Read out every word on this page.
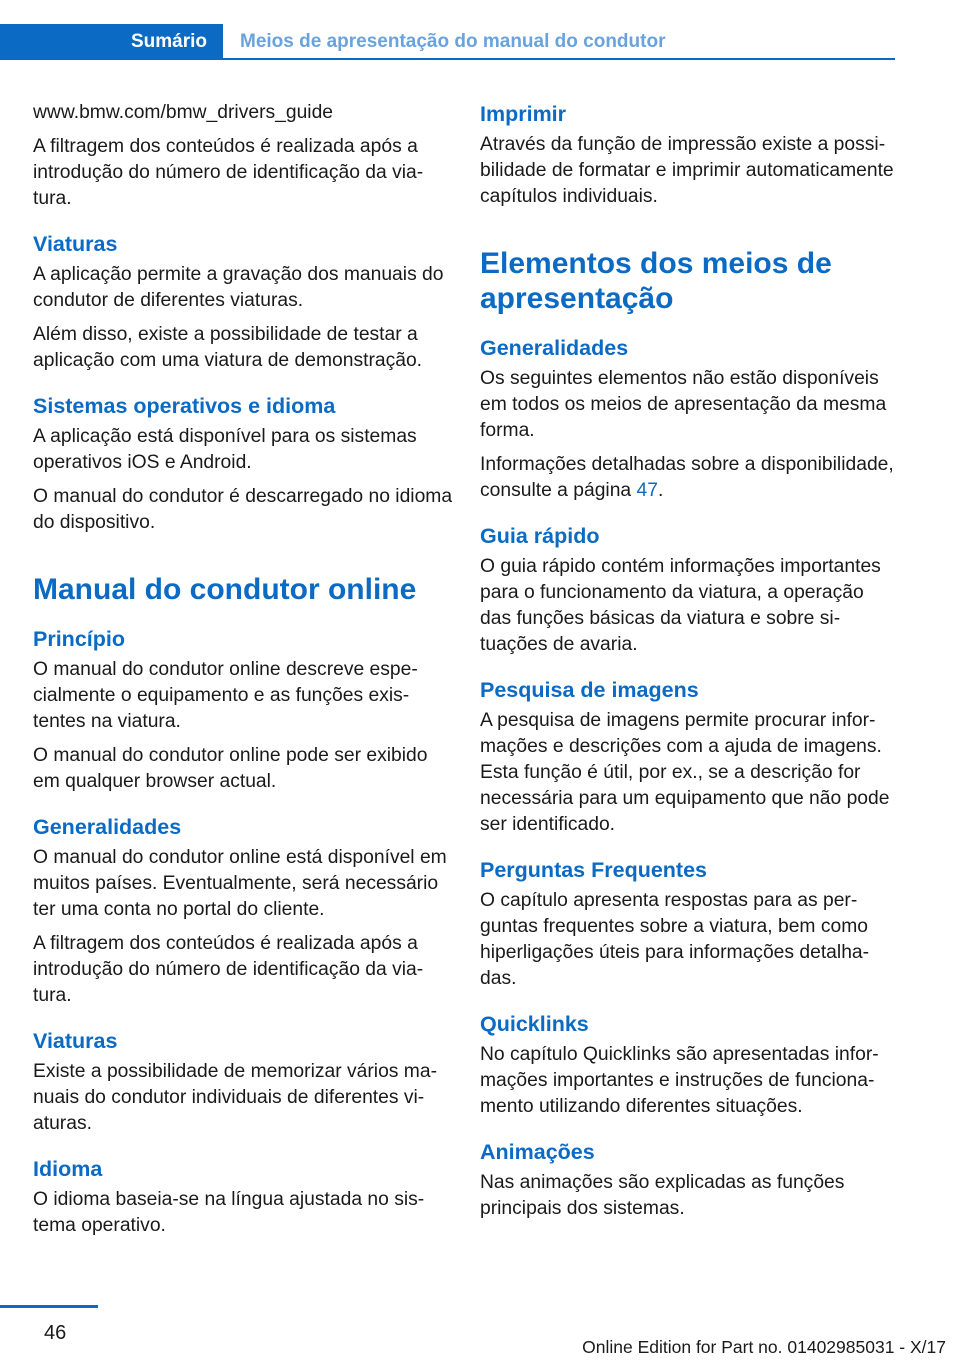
Sumário	Meios de apresentação do manual do condutor

www.bmw.com/bmw_drivers_guide

A filtragem dos conteúdos é realizada após a introdução do número de identificação da viatura.

Viaturas

A aplicação permite a gravação dos manuais do condutor de diferentes viaturas.

Além disso, existe a possibilidade de testar a aplicação com uma viatura de demonstração.

Sistemas operativos e idioma

A aplicação está disponível para os sistemas operativos iOS e Android.

O manual do condutor é descarregado no idioma do dispositivo.

Manual do condutor online
Princípio

O manual do condutor online descreve especialmente o equipamento e as funções existentes na viatura.

O manual do condutor online pode ser exibido em qualquer browser actual.

Generalidades

O manual do condutor online está disponível em muitos países. Eventualmente, será necessário ter uma conta no portal do cliente.

A filtragem dos conteúdos é realizada após a introdução do número de identificação da viatura.

Viaturas

Existe a possibilidade de memorizar vários manuais do condutor individuais de diferentes viaturas.

Idioma

O idioma baseia-se na língua ajustada no sistema operativo.

Imprimir

Através da função de impressão existe a possibilidade de formatar e imprimir automaticamente capítulos individuais.

Elementos dos meios de apresentação
Generalidades

Os seguintes elementos não estão disponíveis em todos os meios de apresentação da mesma forma.

Informações detalhadas sobre a disponibilidade, consulte a página 47.

Guia rápido

O guia rápido contém informações importantes para o funcionamento da viatura, a operação das funções básicas da viatura e sobre situações de avaria.

Pesquisa de imagens

A pesquisa de imagens permite procurar informações e descrições com a ajuda de imagens. Esta função é útil, por ex., se a descrição for necessária para um equipamento que não pode ser identificado.

Perguntas Frequentes

O capítulo apresenta respostas para as perguntas frequentes sobre a viatura, bem como hiperligações úteis para informações detalhadas.

Quicklinks

No capítulo Quicklinks são apresentadas informações importantes e instruções de funcionamento utilizando diferentes situações.

Animações

Nas animações são explicadas as funções principais dos sistemas.

46
Online Edition for Part no. 01402985031 - X/17
